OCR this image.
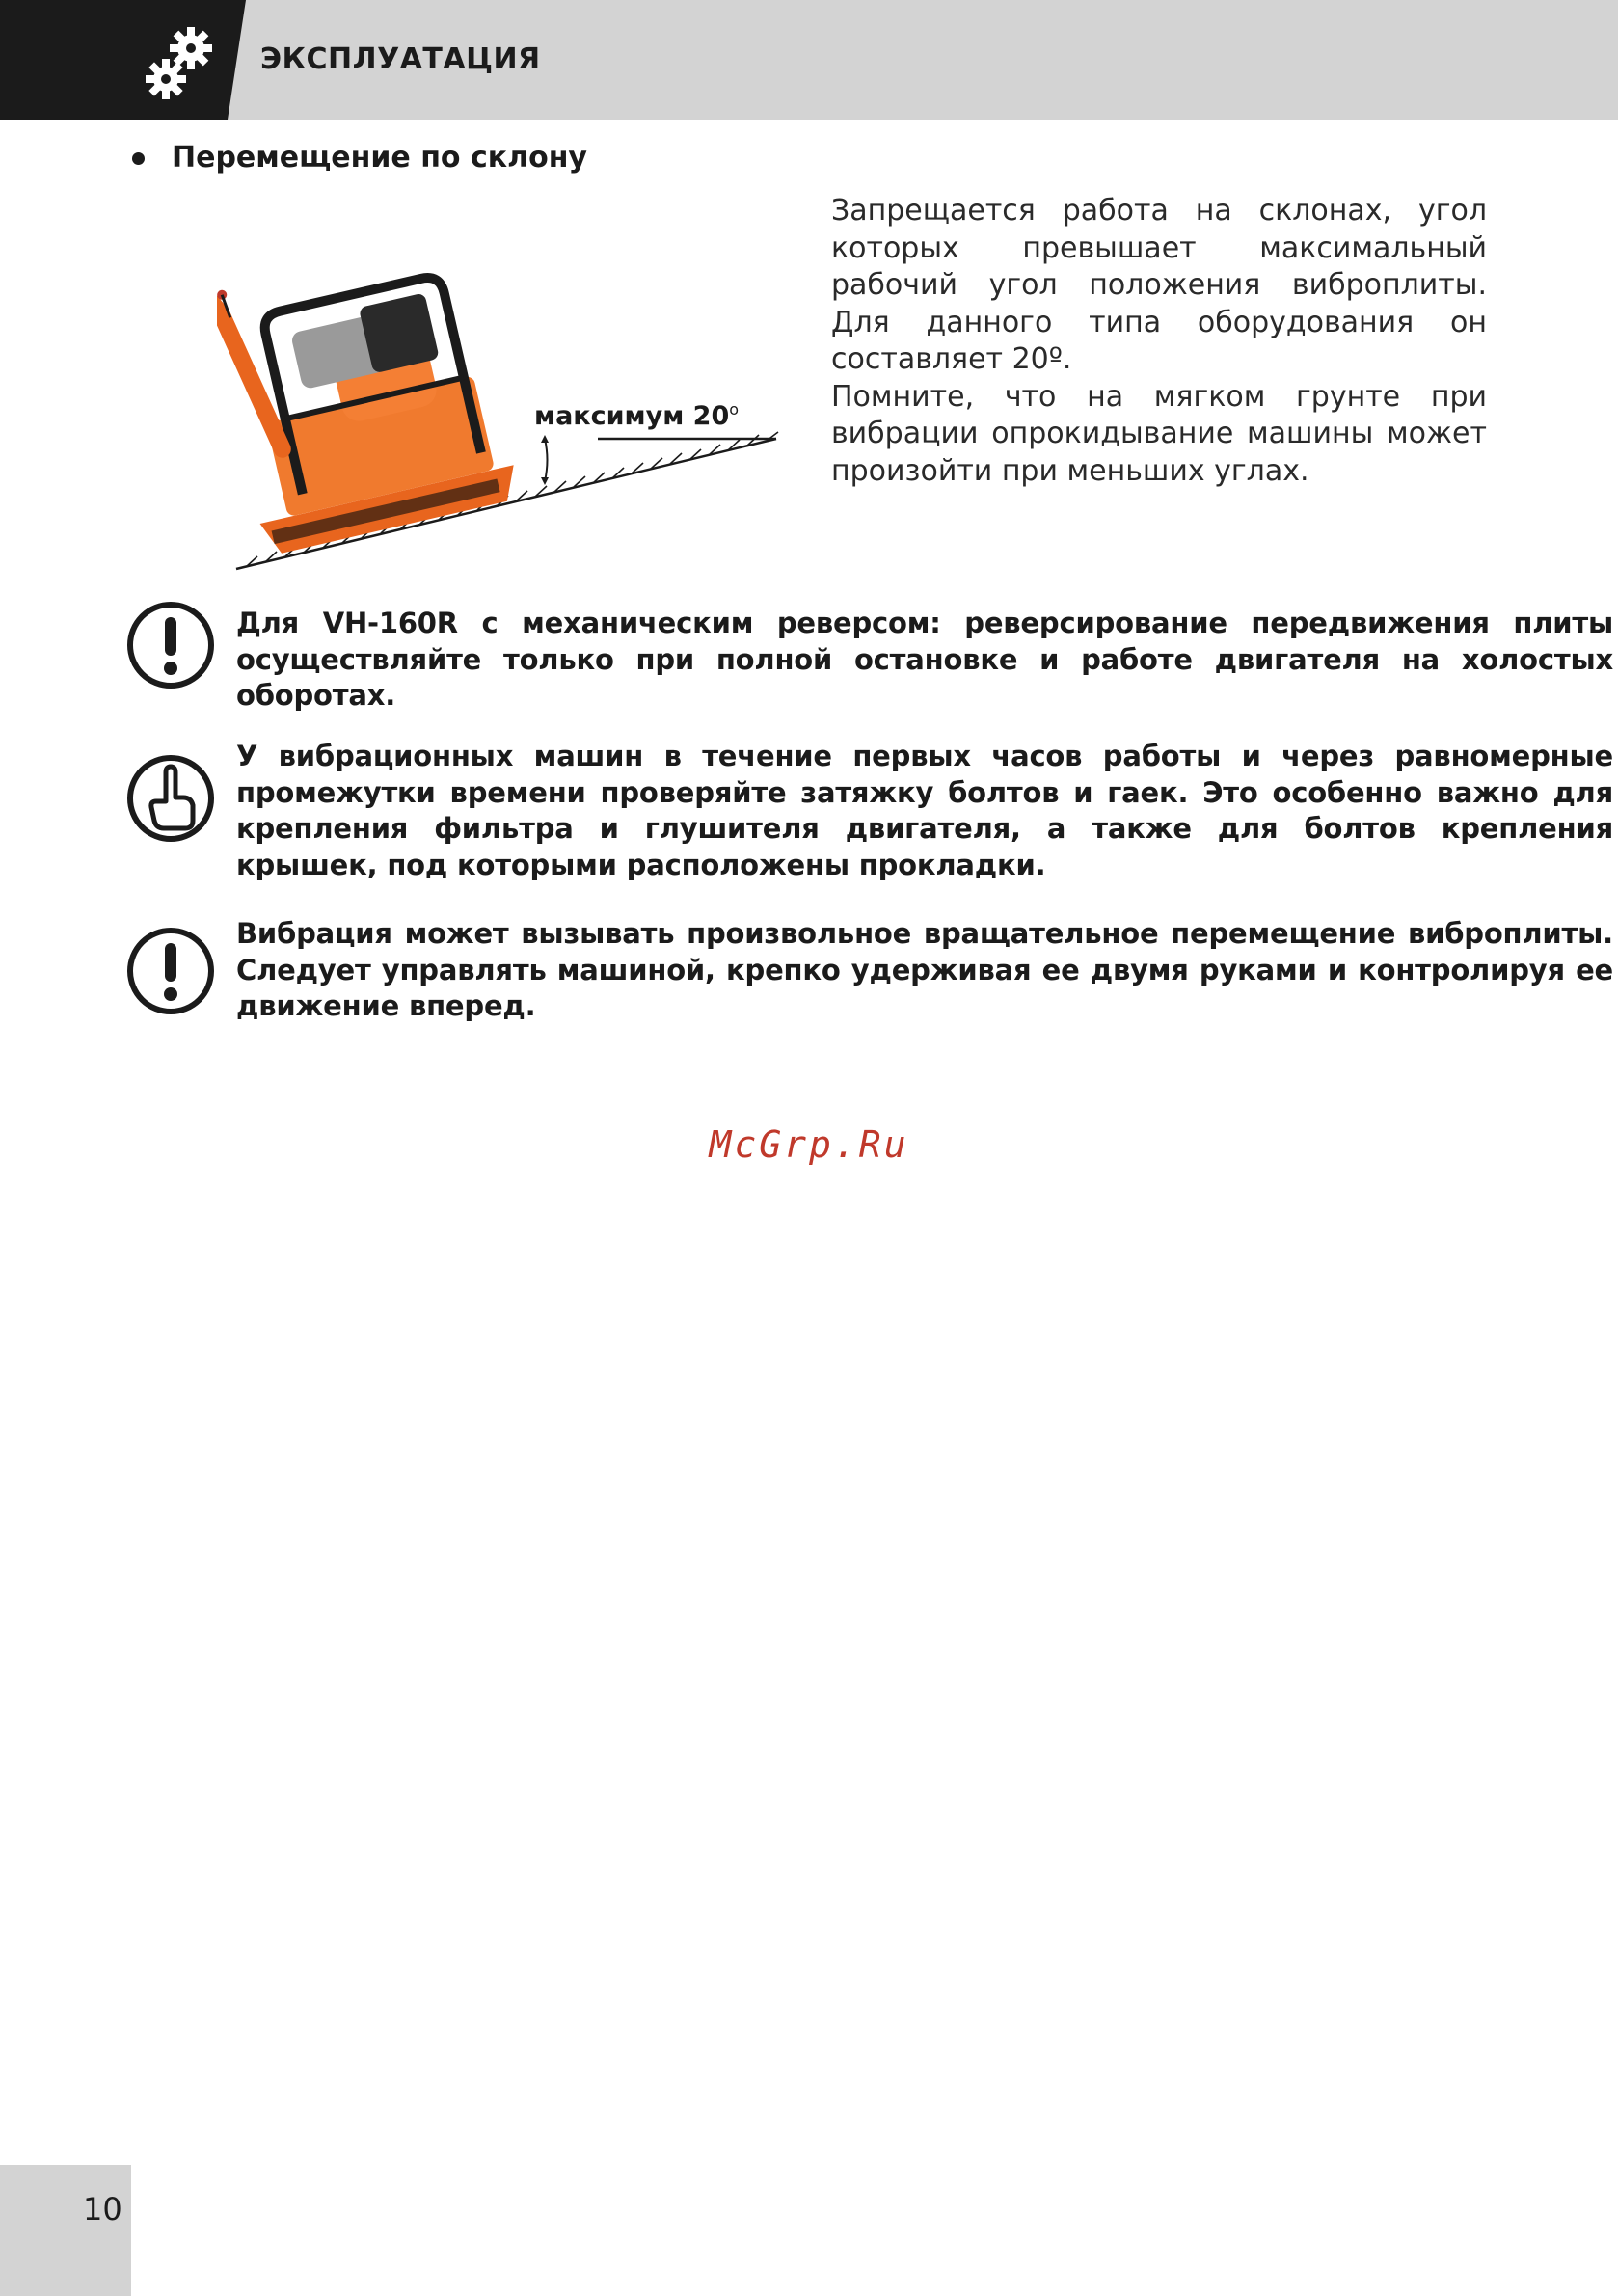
ЭКСПЛУАТАЦИЯ
Перемещение по склону
максимум 20$^o$

Запрещается работа на склонах, угол которых превышает максимальный рабочий угол положения виброплиты. Для данного типа оборудования он составляет 20º.

Помните, что на мягком грунте при вибрации опрокидывание машины может произойти при меньших углах.

Для VH-160R с механическим реверсом: реверсирование передвижения плиты осуществляйте только при полной остановке и работе двигателя на холостых оборотах.
У вибрационных машин в течение первых часов работы и через равномерные промежутки времени проверяйте затяжку болтов и гаек. Это особенно важно для крепления фильтра и глушителя двигателя, а также для болтов крепления крышек, под которыми расположены прокладки.
Вибрация может вызывать произвольное вращательное перемещение виброплиты. Следует управлять машиной, крепко удерживая ее двумя руками и контролируя ее движение вперед.
McGrp.Ru
10
